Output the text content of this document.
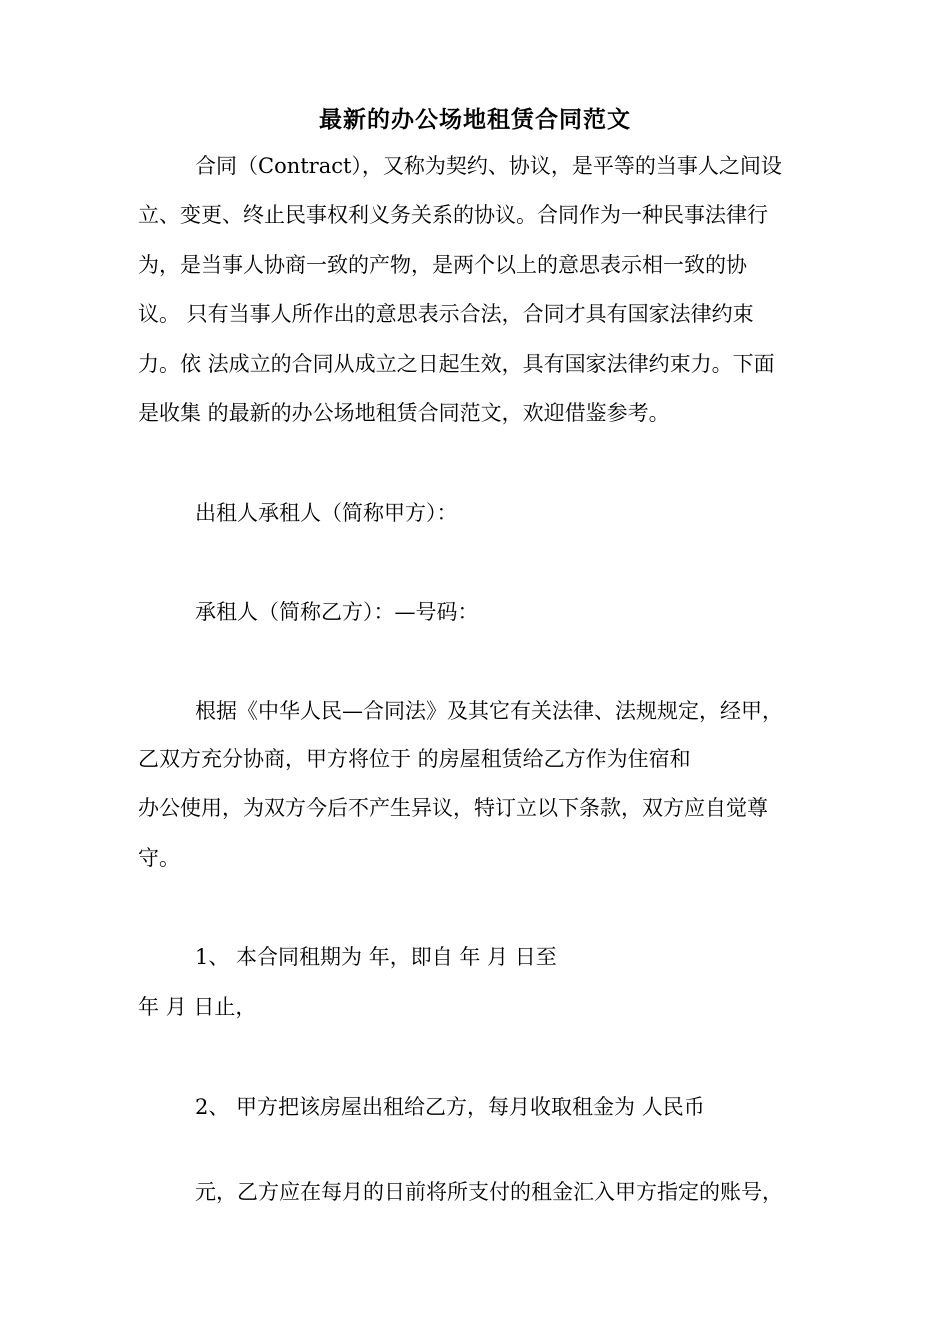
最新的办公场地租赁合同范文
合同（Contract），又称为契约、协议，是平等的当事人之间设
立、变更、终止民事权利义务关系的协议。合同作为一种民事法律行
为，是当事人协商一致的产物，是两个以上的意思表示相一致的协
议。 只有当事人所作出的意思表示合法，合同才具有国家法律约束
力。依 法成立的合同从成立之日起生效，具有国家法律约束力。下面
是收集 的最新的办公场地租赁合同范文，欢迎借鉴参考。
出租人承租人（简称甲方）：
承租人（简称乙方）：—号码：
根据《中华人民—合同法》及其它有关法律、法规规定，经甲，
乙双方充分协商，甲方将位于 的房屋租赁给乙方作为住宿和
办公使用，为双方今后不产生异议，特订立以下条款，双方应自觉尊
守。
1、 本合同租期为 年，即自 年 月 日至
年 月 日止，
2、 甲方把该房屋出租给乙方，每月收取租金为 人民币
元，乙方应在每月的日前将所支付的租金汇入甲方指定的账号，
